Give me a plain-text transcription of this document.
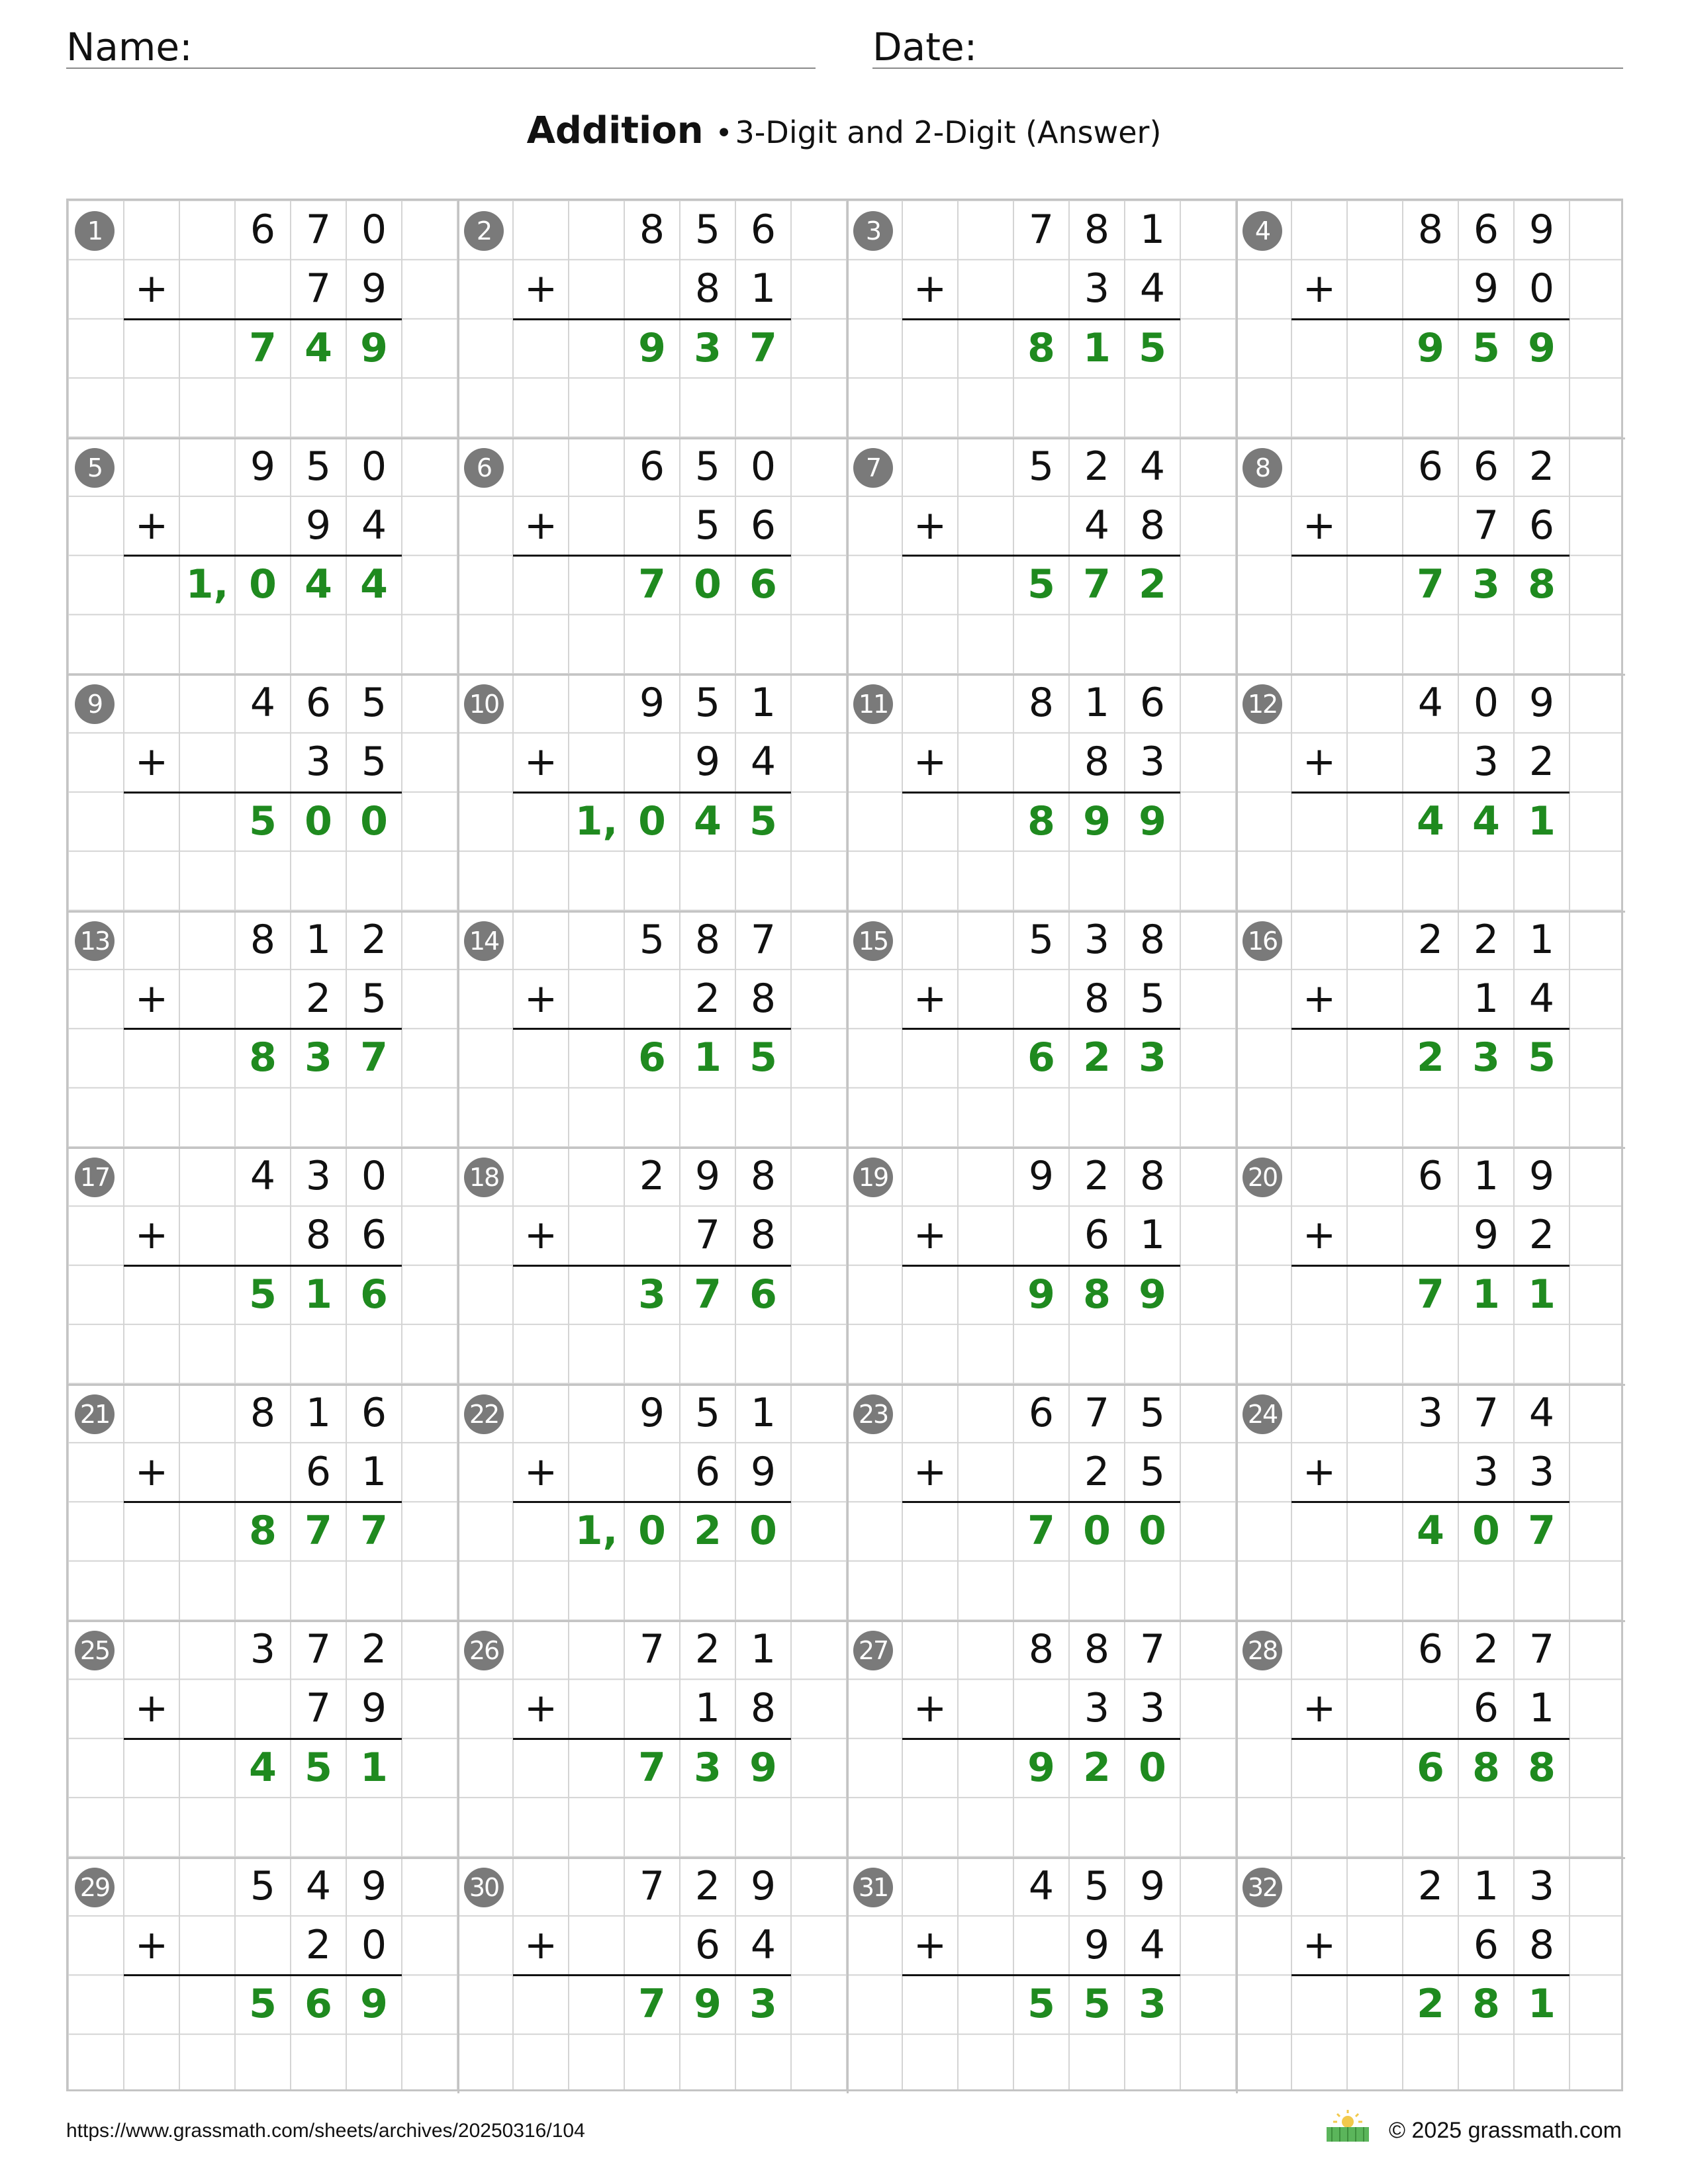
Name:	Date:
Addition •3-Digit and 2-Digit (Answer)
1	6 7 0
7 9
+
7 4 9
2	8 5 6
8 1
+
9 3 7
3	7 8 1
3 4
+
8 1 5
4	8 6 9
9 0
+
9 5 9
5	9 5 0
9 4
+
1, 0 4 4
6	6 5 0
5 6
+
7 0 6
7	5 2 4
4 8
+
5 7 2
8	6 6 2
7 6
+
7 3 8
9	4 6 5
3 5
+
5 0 0
10	9 5 1
9 4
+
1, 0 4 5
11	8 1 6
8 3
+
8 9 9
12	4 0 9
3 2
+
4 4 1
13	8 1 2
2 5
+
8 3 7
14	5 8 7
2 8
+
6 1 5
15	5 3 8
8 5
+
6 2 3
16	2 2 1
1 4
+
2 3 5
17	4 3 0
8 6
+
5 1 6
18	2 9 8
7 8
+
3 7 6
19	9 2 8
6 1
+
9 8 9
20	6 1 9
9 2
+
7 1 1
21	8 1 6
6 1
+
8 7 7
22	9 5 1
6 9
+
1, 0 2 0
23	6 7 5
2 5
+
7 0 0
24	3 7 4
3 3
+
4 0 7
25	3 7 2
7 9
+
4 5 1
26	7 2 1
1 8
+
7 3 9
27	8 8 7
3 3
+
9 2 0
28	6 2 7
6 1
+
6 8 8
29	5 4 9
2 0
+
5 6 9
30	7 2 9
6 4
+
7 9 3
31	4 5 9
9 4
+
5 5 3
32	2 1 3
6 8
+
2 8 1
https://www.grassmath.com/sheets/archives/20250316/104	© 2025 grassmath.com
